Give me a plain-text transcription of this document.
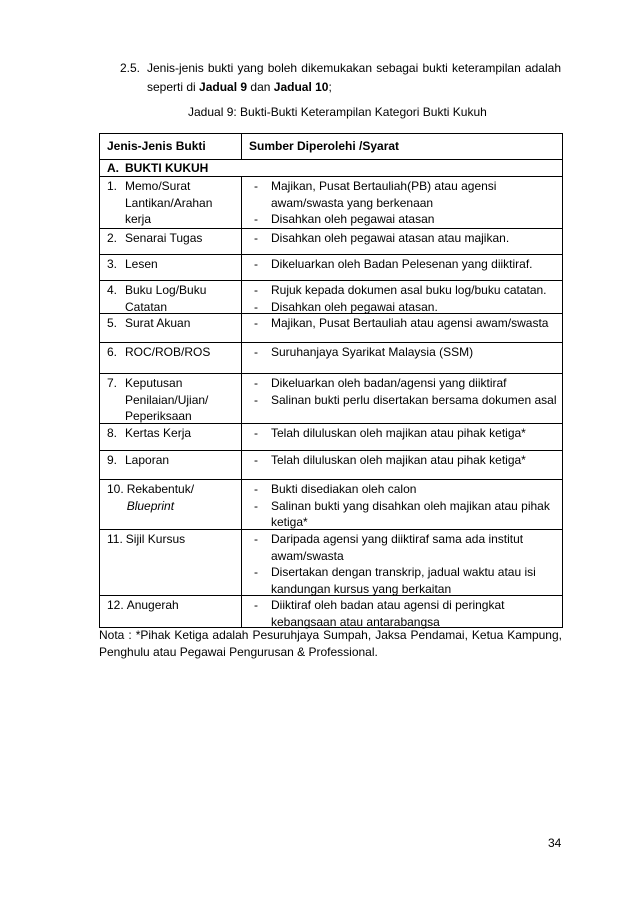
2.5. Jenis-jenis bukti yang boleh dikemukakan sebagai bukti keterampilan adalah seperti di Jadual 9 dan Jadual 10;
Jadual 9: Bukti-Bukti Keterampilan Kategori Bukti Kukuh
Jenis-Jenis Bukti	Sumber Diperolehi /Syarat
A. BUKTI KUKUH
1. Memo/Surat Lantikan/Arahan kerja
-	Majikan, Pusat Bertauliah(PB) atau agensi awam/swasta yang berkenaan
-	Disahkan oleh pegawai atasan
2. Senarai Tugas	-	Disahkan oleh pegawai atasan atau majikan.
3. Lesen	-	Dikeluarkan oleh Badan Pelesenan yang diiktiraf.
4. Buku Log/Buku Catatan
-	Rujuk kepada dokumen asal buku log/buku catatan.
-	Disahkan oleh pegawai atasan.
5. Surat Akuan	-	Majikan, Pusat Bertauliah atau agensi awam/swasta
6. ROC/ROB/ROS	-	Suruhanjaya Syarikat Malaysia (SSM)
7. Keputusan Penilaian/Ujian/ Peperiksaan
-	Dikeluarkan oleh badan/agensi yang diiktiraf
-	Salinan bukti perlu disertakan bersama dokumen asal
8. Kertas Kerja	-	Telah diluluskan oleh majikan atau pihak ketiga*
9. Laporan	-	Telah diluluskan oleh majikan atau pihak ketiga*
10. Rekabentuk/ Blueprint
-	Bukti disediakan oleh calon
-	Salinan bukti yang disahkan oleh majikan atau pihak ketiga*
11. Sijil Kursus	-	Daripada agensi yang diiktiraf sama ada institut awam/swasta
-	Disertakan dengan transkrip, jadual waktu atau isi kandungan kursus yang berkaitan
12. Anugerah	-	Diiktiraf oleh badan atau agensi di peringkat kebangsaan atau antarabangsa
Nota : *Pihak Ketiga adalah Pesuruhjaya Sumpah, Jaksa Pendamai, Ketua Kampung, Penghulu atau Pegawai Pengurusan & Professional.
34
